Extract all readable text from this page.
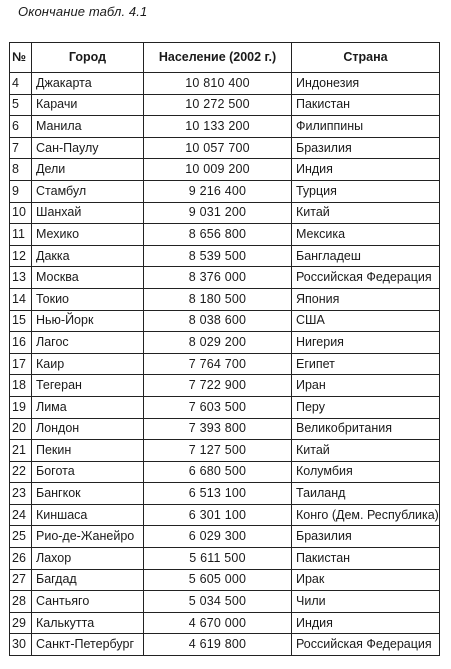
Окончание табл. 4.1
№	Город	Население (2002 г.)	Страна
4	Джакарта	10 810 400	Индонезия
5	Карачи	10 272 500	Пакистан
6	Манила	10 133 200	Филиппины
7	Сан-Паулу	10 057 700	Бразилия
8	Дели	10 009 200	Индия
9	Стамбул	9 216 400	Турция
10	Шанхай	9 031 200	Китай
11	Мехико	8 656 800	Мексика
12	Дакка	8 539 500	Бангладеш
13	Москва	8 376 000	Российская Федерация
14	Токио	8 180 500	Япония
15	Нью-Йорк	8 038 600	США
16	Лагос	8 029 200	Нигерия
17	Каир	7 764 700	Египет
18	Тегеран	7 722 900	Иран
19	Лима	7 603 500	Перу
20	Лондон	7 393 800	Великобритания
21	Пекин	7 127 500	Китай
22	Богота	6 680 500	Колумбия
23	Бангкок	6 513 100	Таиланд
24	Киншаса	6 301 100	Конго (Дем. Республика)
25	Рио-де-Жанейро	6 029 300	Бразилия
26	Лахор	5 611 500	Пакистан
27	Багдад	5 605 000	Ирак
28	Сантьяго	5 034 500	Чили
29	Калькутта	4 670 000	Индия
30	Санкт-Петербург	4 619 800	Российская Федерация
